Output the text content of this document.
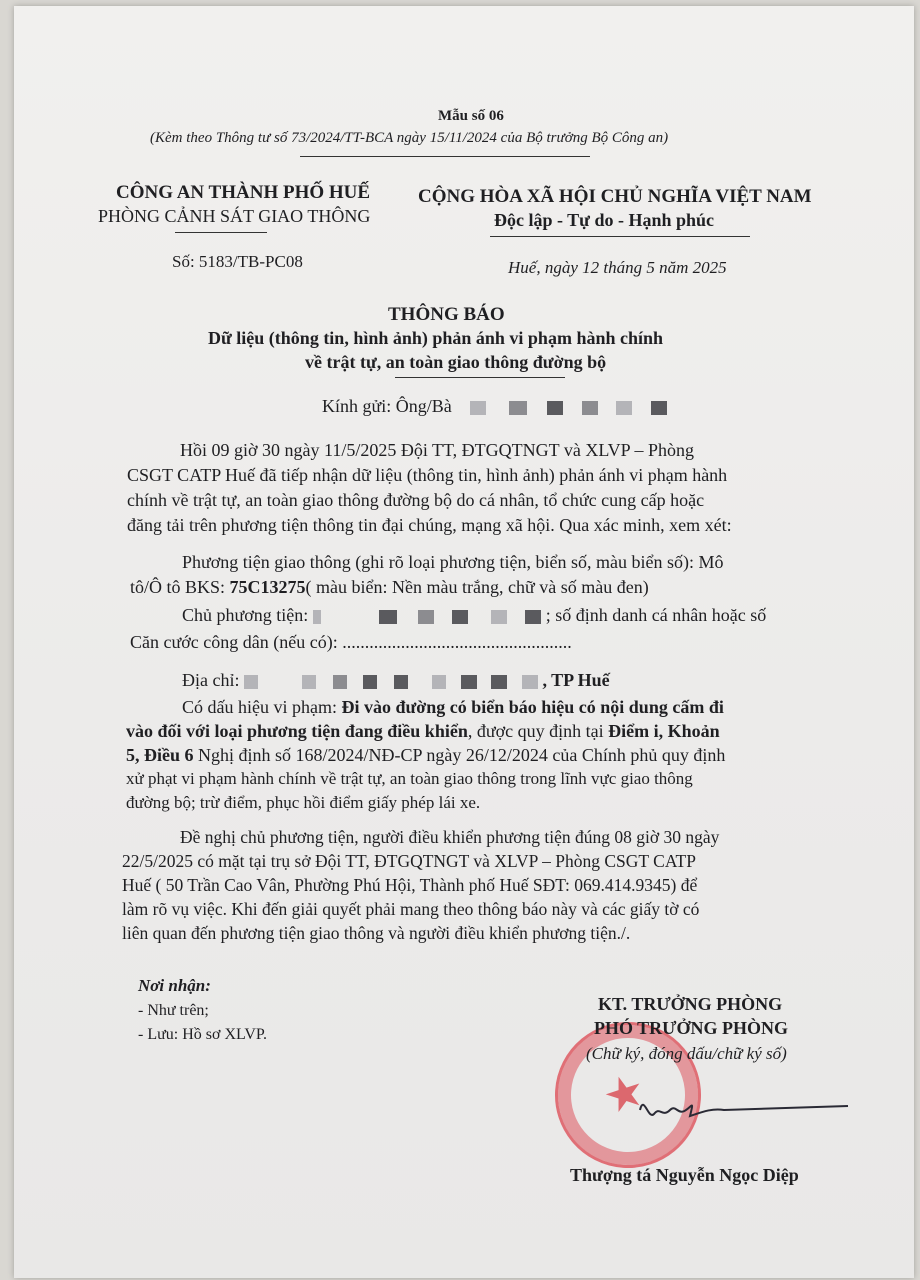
Mẫu số 06
(Kèm theo Thông tư số 73/2024/TT-BCA ngày 15/11/2024 của Bộ trưởng Bộ Công an)
CÔNG AN THÀNH PHỐ HUẾ
PHÒNG CẢNH SÁT GIAO THÔNG
Số: 5183/TB-PC08
CỘNG HÒA XÃ HỘI CHỦ NGHĨA VIỆT NAM
Độc lập - Tự do - Hạnh phúc
Huế, ngày 12 tháng 5 năm 2025
THÔNG BÁO
Dữ liệu (thông tin, hình ảnh) phản ánh vi phạm hành chính
về trật tự, an toàn giao thông đường bộ
Kính gửi: Ông/Bà
Hồi 09 giờ 30 ngày 11/5/2025 Đội TT, ĐTGQTNGT và XLVP – Phòng
CSGT CATP Huế đã tiếp nhận dữ liệu (thông tin, hình ảnh) phản ánh vi phạm hành
chính về trật tự, an toàn giao thông đường bộ do cá nhân, tổ chức cung cấp hoặc
đăng tải trên phương tiện thông tin đại chúng, mạng xã hội. Qua xác minh, xem xét:
Phương tiện giao thông (ghi rõ loại phương tiện, biển số, màu biển số): Mô
tô/Ô tô BKS: 75C13275( màu biển: Nền màu trắng, chữ và số màu đen)
Chủ phương tiện:	; số định danh cá nhân hoặc số
Căn cước công dân (nếu có): ...................................................
Địa chỉ:	, TP Huế
Có dấu hiệu vi phạm: Đi vào đường có biển báo hiệu có nội dung cấm đi
vào đối với loại phương tiện đang điều khiển, được quy định tại Điểm i, Khoản
5, Điều 6 Nghị định số 168/2024/NĐ-CP ngày 26/12/2024 của Chính phủ quy định
xử phạt vi phạm hành chính về trật tự, an toàn giao thông trong lĩnh vực giao thông
đường bộ; trừ điểm, phục hồi điểm giấy phép lái xe.
Đề nghị chủ phương tiện, người điều khiển phương tiện đúng 08 giờ 30 ngày
22/5/2025 có mặt tại trụ sở Đội TT, ĐTGQTNGT và XLVP – Phòng CSGT CATP
Huế ( 50 Trần Cao Vân, Phường Phú Hội, Thành phố Huế SĐT: 069.414.9345) để
làm rõ vụ việc. Khi đến giải quyết phải mang theo thông báo này và các giấy tờ có
liên quan đến phương tiện giao thông và người điều khiển phương tiện./.
Nơi nhận:
- Như trên;
- Lưu: Hồ sơ XLVP.
★
KT. TRƯỞNG PHÒNG
PHÓ TRƯỞNG PHÒNG
(Chữ ký, đóng dấu/chữ ký số)
Thượng tá Nguyễn Ngọc Diệp
